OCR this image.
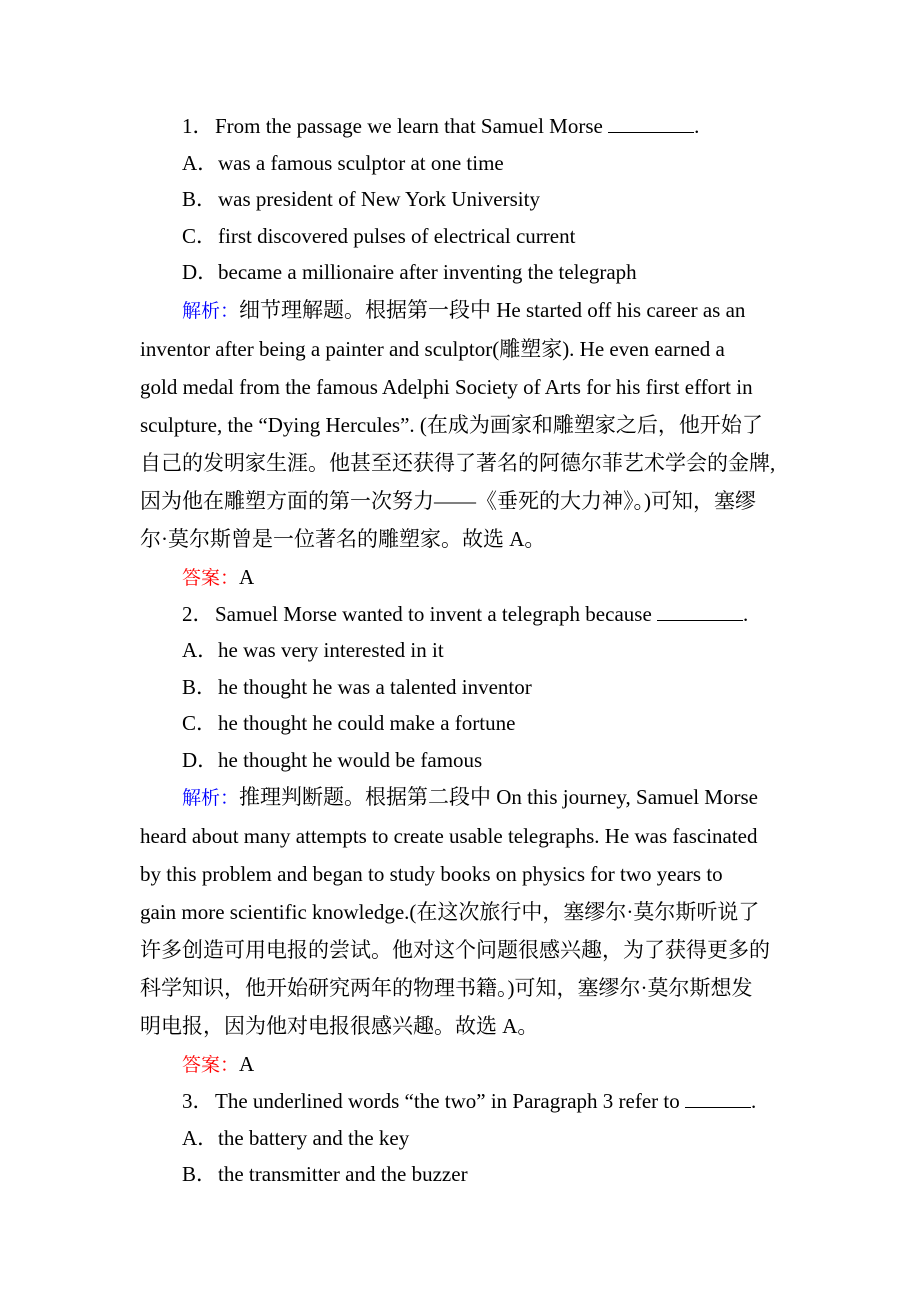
1．From the passage we learn that Samuel Morse	.
A．was a famous sculptor at one time
B．was president of New York University
C．first discovered pulses of electrical current
D．became a millionaire after inventing the telegraph
解析：细节理解题。根据第一段中 He started off his career as an
inventor after being a painter and sculptor(雕塑家). He even earned a
gold medal from the famous Adelphi Society of Arts for his first effort in
sculpture, the “Dying Hercules”. (在成为画家和雕塑家之后，他开始了
自己的发明家生涯。他甚至还获得了著名的阿德尔菲艺术学会的金牌,
因为他在雕塑方面的第一次努力——《垂死的大力神》。)可知，塞缪
尔·莫尔斯曾是一位著名的雕塑家。故选 A。
答案：A
2．Samuel Morse wanted to invent a telegraph because	.
A．he was very interested in it
B．he thought he was a talented inventor
C．he thought he could make a fortune
D．he thought he would be famous
解析：推理判断题。根据第二段中 On this journey, Samuel Morse
heard about many attempts to create usable telegraphs. He was fascinated
by this problem and began to study books on physics for two years to
gain more scientific knowledge.(在这次旅行中，塞缪尔·莫尔斯听说了
许多创造可用电报的尝试。他对这个问题很感兴趣，为了获得更多的
科学知识，他开始研究两年的物理书籍。)可知，塞缪尔·莫尔斯想发
明电报，因为他对电报很感兴趣。故选 A。
答案：A
3．The underlined words “the two” in Paragraph 3 refer to	.
A．the battery and the key
B．the transmitter and the buzzer
